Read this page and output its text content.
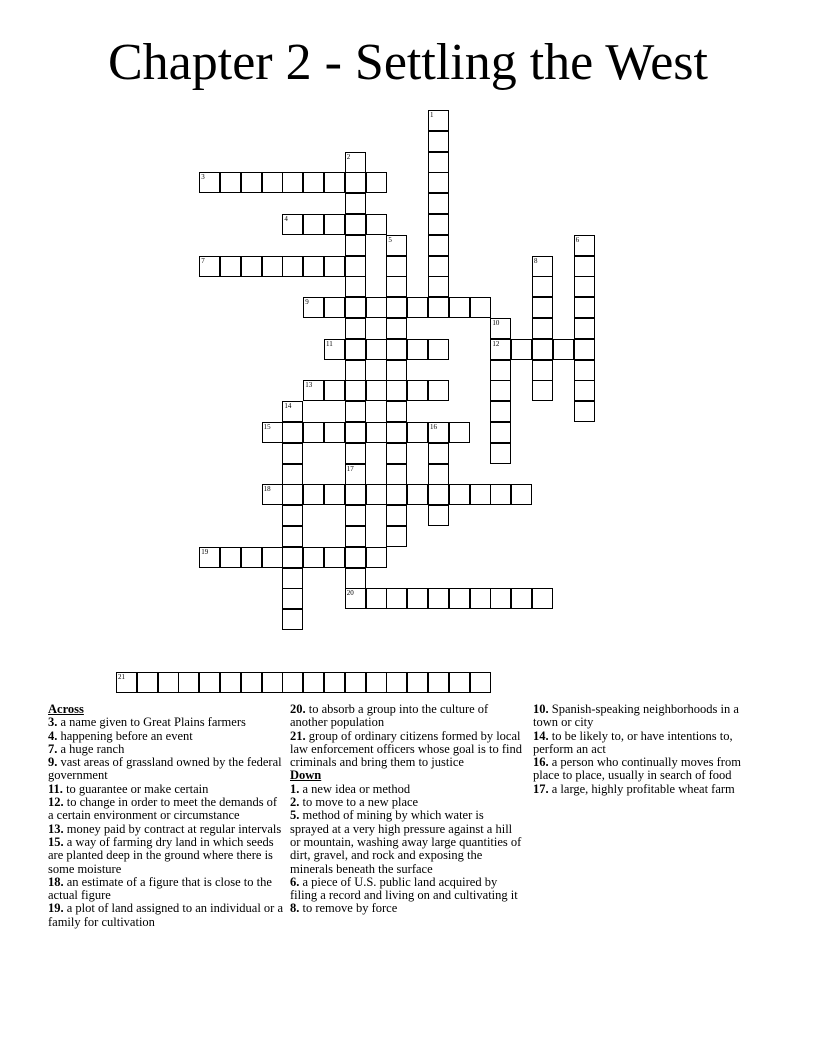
Chapter 2 - Settling the West
1
2
3
4
5	6
7	8
9
10
11	12
13
14
15	16
17
18
19
20
21
Across
3. a name given to Great Plains farmers
4. happening before an event
7. a huge ranch
9. vast areas of grassland owned by the federal government
11. to guarantee or make certain
12. to change in order to meet the demands of a certain environment or circumstance
13. money paid by contract at regular intervals
15. a way of farming dry land in which seeds are planted deep in the ground where there is some moisture
18. an estimate of a figure that is close to the actual figure
19. a plot of land assigned to an individual or a family for cultivation
20. to absorb a group into the culture of another population
21. group of ordinary citizens formed by local law enforcement officers whose goal is to find criminals and bring them to justice
Down
1. a new idea or method
2. to move to a new place
5. method of mining by which water is sprayed at a very high pressure against a hill or mountain, washing away large quantities of dirt, gravel, and rock and exposing the minerals beneath the surface
6. a piece of U.S. public land acquired by filing a record and living on and cultivating it
8. to remove by force
10. Spanish-speaking neighborhoods in a town or city
14. to be likely to, or have intentions to, perform an act
16. a person who continually moves from place to place, usually in search of food
17. a large, highly profitable wheat farm
